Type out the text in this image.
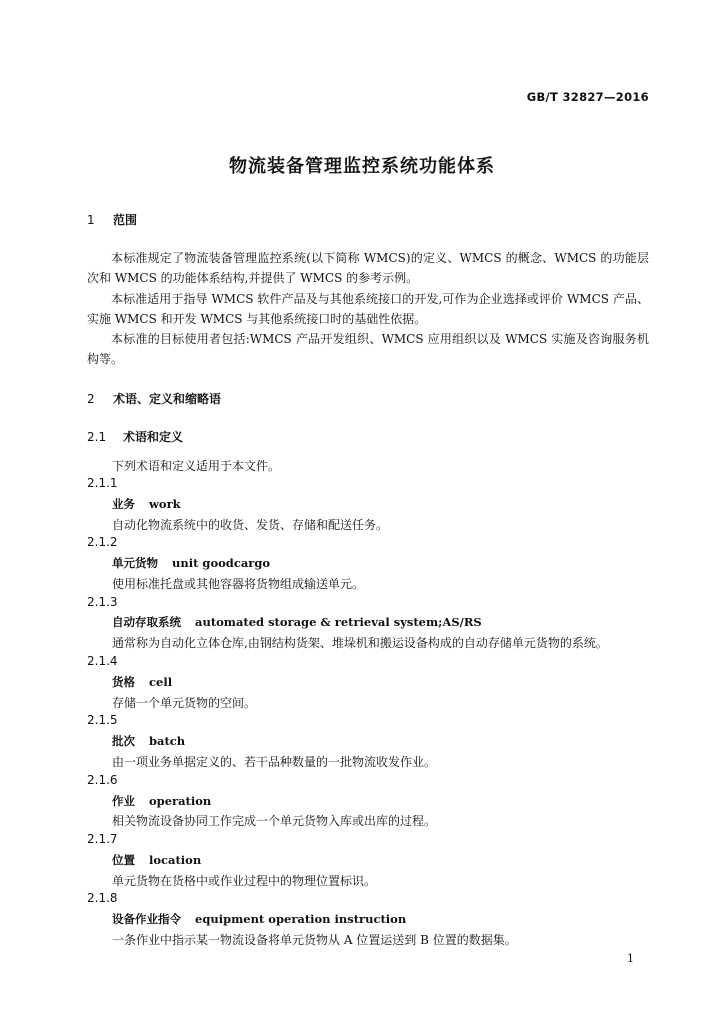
GB/T 32827—2016
物流装备管理监控系统功能体系
1 范围
本标准规定了物流装备管理监控系统(以下简称 WMCS)的定义、WMCS 的概念、WMCS 的功能层次和 WMCS 的功能体系结构,并提供了 WMCS 的参考示例。
本标准适用于指导 WMCS 软件产品及与其他系统接口的开发,可作为企业选择或评价 WMCS 产品、实施 WMCS 和开发 WMCS 与其他系统接口时的基础性依据。
本标准的目标使用者包括:WMCS 产品开发组织、WMCS 应用组织以及 WMCS 实施及咨询服务机构等。
2 术语、定义和缩略语
2.1 术语和定义
下列术语和定义适用于本文件。
2.1.1
业务 work
自动化物流系统中的收货、发货、存储和配送任务。
2.1.2
单元货物 unit goodcargo
使用标准托盘或其他容器将货物组成输送单元。
2.1.3
自动存取系统 automated storage & retrieval system;AS/RS
通常称为自动化立体仓库,由钢结构货架、堆垛机和搬运设备构成的自动存储单元货物的系统。
2.1.4
货格 cell
存储一个单元货物的空间。
2.1.5
批次 batch
由一项业务单据定义的、若干品种数量的一批物流收发作业。
2.1.6
作业 operation
相关物流设备协同工作完成一个单元货物入库或出库的过程。
2.1.7
位置 location
单元货物在货格中或作业过程中的物理位置标识。
2.1.8
设备作业指令 equipment operation instruction
一条作业中指示某一物流设备将单元货物从 A 位置运送到 B 位置的数据集。
1
